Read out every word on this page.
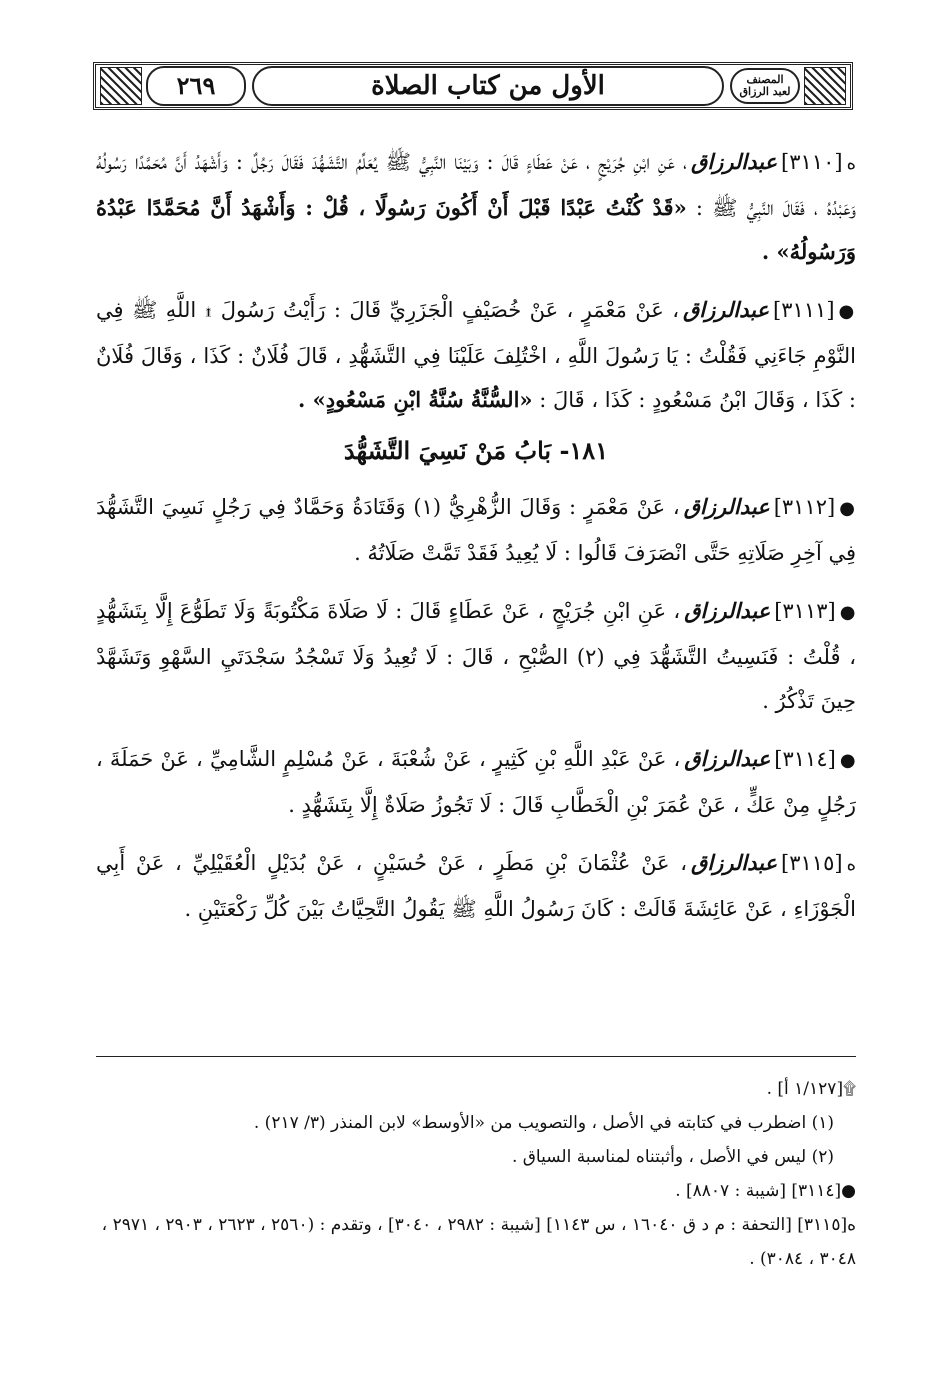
٢٦٩	الأول من كتاب الصلاة	المصنف لعبد الرزاق

ه[٣١١٠]عبدالرزاق، عَنِ ابْنِ جُرَيْجٍ ، عَنْ عَطَاءٍ قَالَ : وَبَيْنَا النَّبِيُّ ﷺ يُعَلِّمُ التَّشَهُّدَ فَقَالَ رَجُلٌ : وَأَشْهَدُ أَنَّ مُحَمَّدًا رَسُولُهُ وَعَبْدُهُ ، فَقَالَ النَّبِيُّ ﷺ : «قَدْ كُنْتُ عَبْدًا قَبْلَ أَنْ أَكُونَ رَسُولًا ، قُلْ : وَأَشْهَدُ أَنَّ مُحَمَّدًا عَبْدُهُ وَرَسُولُهُ» .

●[٣١١١]عبدالرزاق، عَنْ مَعْمَرٍ ، عَنْ خُصَيْفٍ الْجَزَرِيِّ قَالَ : رَأَيْتُ رَسُولَ ۩ اللَّهِ ﷺ فِي النَّوْمِ جَاءَنِي فَقُلْتُ : يَا رَسُولَ اللَّهِ ، اخْتُلِفَ عَلَيْنَا فِي التَّشَهُّدِ ، قَالَ فُلَانٌ : كَذَا ، وَقَالَ فُلَانٌ : كَذَا ، وَقَالَ ابْنُ مَسْعُودٍ : كَذَا ، قَالَ : «السُّنَّةُ سُنَّةُ ابْنِ مَسْعُودٍ» .

١٨١- بَابُ مَنْ نَسِيَ التَّشَهُّدَ

●[٣١١٢]عبدالرزاق، عَنْ مَعْمَرٍ : وَقَالَ الزُّهْرِيُّ (١) وَقَتَادَةُ وَحَمَّادٌ فِي رَجُلٍ نَسِيَ التَّشَهُّدَ فِي آخِرِ صَلَاتِهِ حَتَّى انْصَرَفَ قَالُوا : لَا يُعِيدُ فَقَدْ تَمَّتْ صَلَاتُهُ .

●[٣١١٣]عبدالرزاق، عَنِ ابْنِ جُرَيْجٍ ، عَنْ عَطَاءٍ قَالَ : لَا صَلَاةَ مَكْتُوبَةً وَلَا تَطَوُّعَ إِلَّا بِتَشَهُّدٍ ، قُلْتُ : فَنَسِيتُ التَّشَهُّدَ فِي (٢) الصُّبْحِ ، قَالَ : لَا تُعِيدُ وَلَا تَسْجُدُ سَجْدَتَيِ السَّهْوِ وَتَشَهَّدْ حِينَ تَذْكُرُ .

●[٣١١٤]عبدالرزاق، عَنْ عَبْدِ اللَّهِ بْنِ كَثِيرٍ ، عَنْ شُعْبَةَ ، عَنْ مُسْلِمٍ الشَّامِيِّ ، عَنْ حَمَلَةَ ، رَجُلٍ مِنْ عَكٍّ ، عَنْ عُمَرَ بْنِ الْخَطَّابِ قَالَ : لَا تَجُوزُ صَلَاةٌ إِلَّا بِتَشَهُّدٍ .

ه[٣١١٥]عبدالرزاق، عَنْ عُثْمَانَ بْنِ مَطَرٍ ، عَنْ حُسَيْنٍ ، عَنْ بُدَيْلٍ الْعُقَيْلِيِّ ، عَنْ أَبِي الْجَوْزَاءِ ، عَنْ عَائِشَةَ قَالَتْ : كَانَ رَسُولُ اللَّهِ ﷺ يَقُولُ التَّحِيَّاتُ بَيْنَ كُلِّ رَكْعَتَيْنِ .

۩[١/١٢٧ أ] .

(١) اضطرب في كتابته في الأصل ، والتصويب من «الأوسط» لابن المنذر (٣/ ٢١٧) .

(٢) ليس في الأصل ، وأثبتناه لمناسبة السياق .

●[٣١١٤] [شيبة : ٨٨٠٧] .

ه[٣١١٥] [التحفة : م د ق ١٦٠٤٠ ، س ١١٤٣] [شيبة : ٢٩٨٢ ، ٣٠٤٠] ، وتقدم : (٢٥٦٠ ، ٢٦٢٣ ، ٢٩٠٣ ، ٢٩٧١ ، ٣٠٤٨ ، ٣٠٨٤) .
